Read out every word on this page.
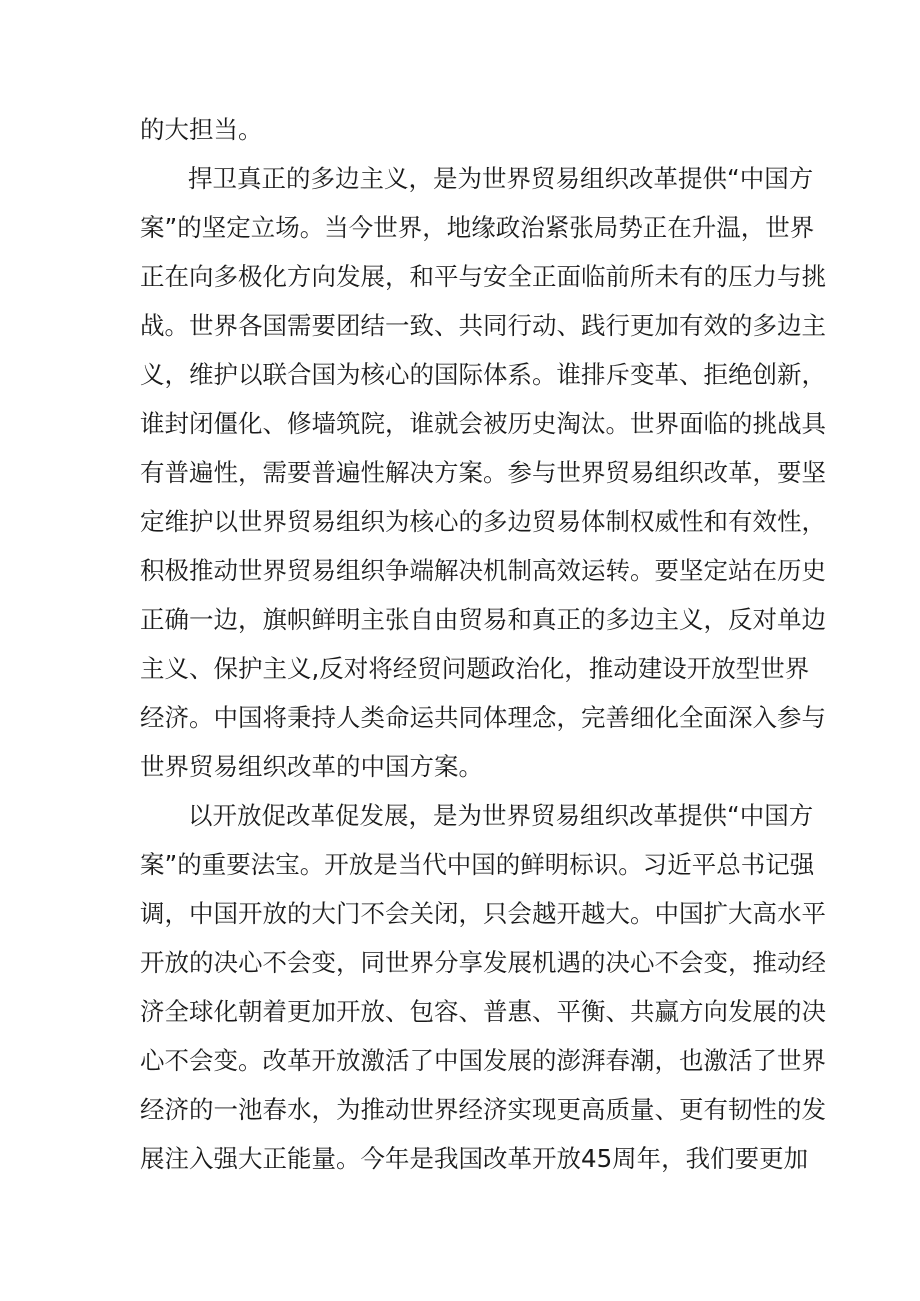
的大担当。
捍卫真正的多边主义，是为世界贸易组织改革提供“中国方
案”的坚定立场。当今世界，地缘政治紧张局势正在升温，世界
正在向多极化方向发展，和平与安全正面临前所未有的压力与挑
战。世界各国需要团结一致、共同行动、践行更加有效的多边主
义，维护以联合国为核心的国际体系。谁排斥变革、拒绝创新，
谁封闭僵化、修墙筑院，谁就会被历史淘汰。世界面临的挑战具
有普遍性，需要普遍性解决方案。参与世界贸易组织改革，要坚
定维护以世界贸易组织为核心的多边贸易体制权威性和有效性，
积极推动世界贸易组织争端解决机制高效运转。要坚定站在历史
正确一边，旗帜鲜明主张自由贸易和真正的多边主义，反对单边
主义、保护主义,反对将经贸问题政治化，推动建设开放型世界
经济。中国将秉持人类命运共同体理念，完善细化全面深入参与
世界贸易组织改革的中国方案。
以开放促改革促发展，是为世界贸易组织改革提供“中国方
案”的重要法宝。开放是当代中国的鲜明标识。习近平总书记强
调，中国开放的大门不会关闭，只会越开越大。中国扩大高水平
开放的决心不会变，同世界分享发展机遇的决心不会变，推动经
济全球化朝着更加开放、包容、普惠、平衡、共赢方向发展的决
心不会变。改革开放激活了中国发展的澎湃春潮，也激活了世界
经济的一池春水，为推动世界经济实现更高质量、更有韧性的发
展注入强大正能量。今年是我国改革开放45周年，我们要更加
